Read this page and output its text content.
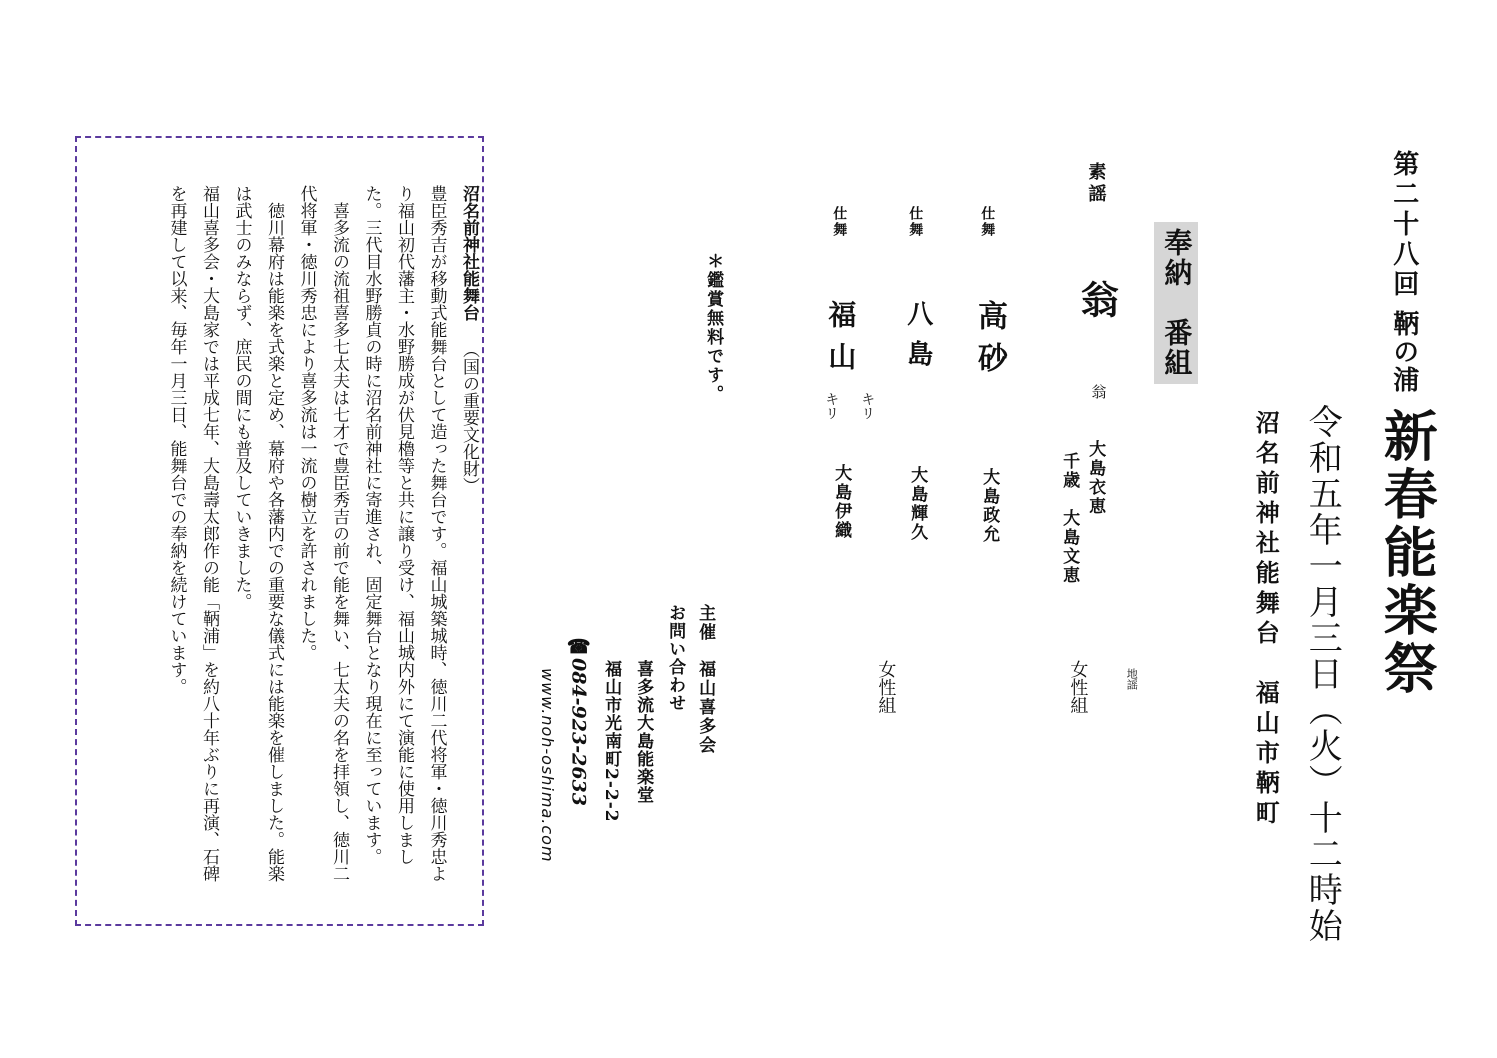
第二十八回
鞆の浦
新春能楽祭
令和五年一月三日（火）十二時始
沼名前神社能舞台
福山市鞆町
奉納　番組
素謡
翁
翁
大島衣恵
千歳　大島文恵
仕舞
高砂
大島政允
仕舞
八島
大島輝久
キリ
仕舞
福山
キリ
大島伊織
地謡
女性組
女性組
＊鑑賞無料です。
主催
福山喜多会
お問い合わせ
喜多流大島能楽堂
福山市光南町2-2-2
☎084-923-2633
www.noh-oshima.com
沼名前神社能舞台（国の重要文化財）

豊臣秀吉が移動式能舞台として造った舞台です。福山城築城時、徳川二代将軍・徳川秀忠より福山初代藩主・水野勝成が伏見櫓等と共に譲り受け、福山城内外にて演能に使用しました。三代目水野勝貞の時に沼名前神社に寄進され、固定舞台となり現在に至っています。

喜多流の流祖喜多七太夫は七才で豊臣秀吉の前で能を舞い、七太夫の名を拝領し、徳川二代将軍・徳川秀忠により喜多流は一流の樹立を許されました。

徳川幕府は能楽を式楽と定め、幕府や各藩内での重要な儀式には能楽を催しました。能楽は武士のみならず、庶民の間にも普及していきました。

福山喜多会・大島家では平成七年、大島壽太郎作の能「鞆浦」を約八十年ぶりに再演、石碑を再建して以来、毎年一月三日、能舞台での奉納を続けています。
